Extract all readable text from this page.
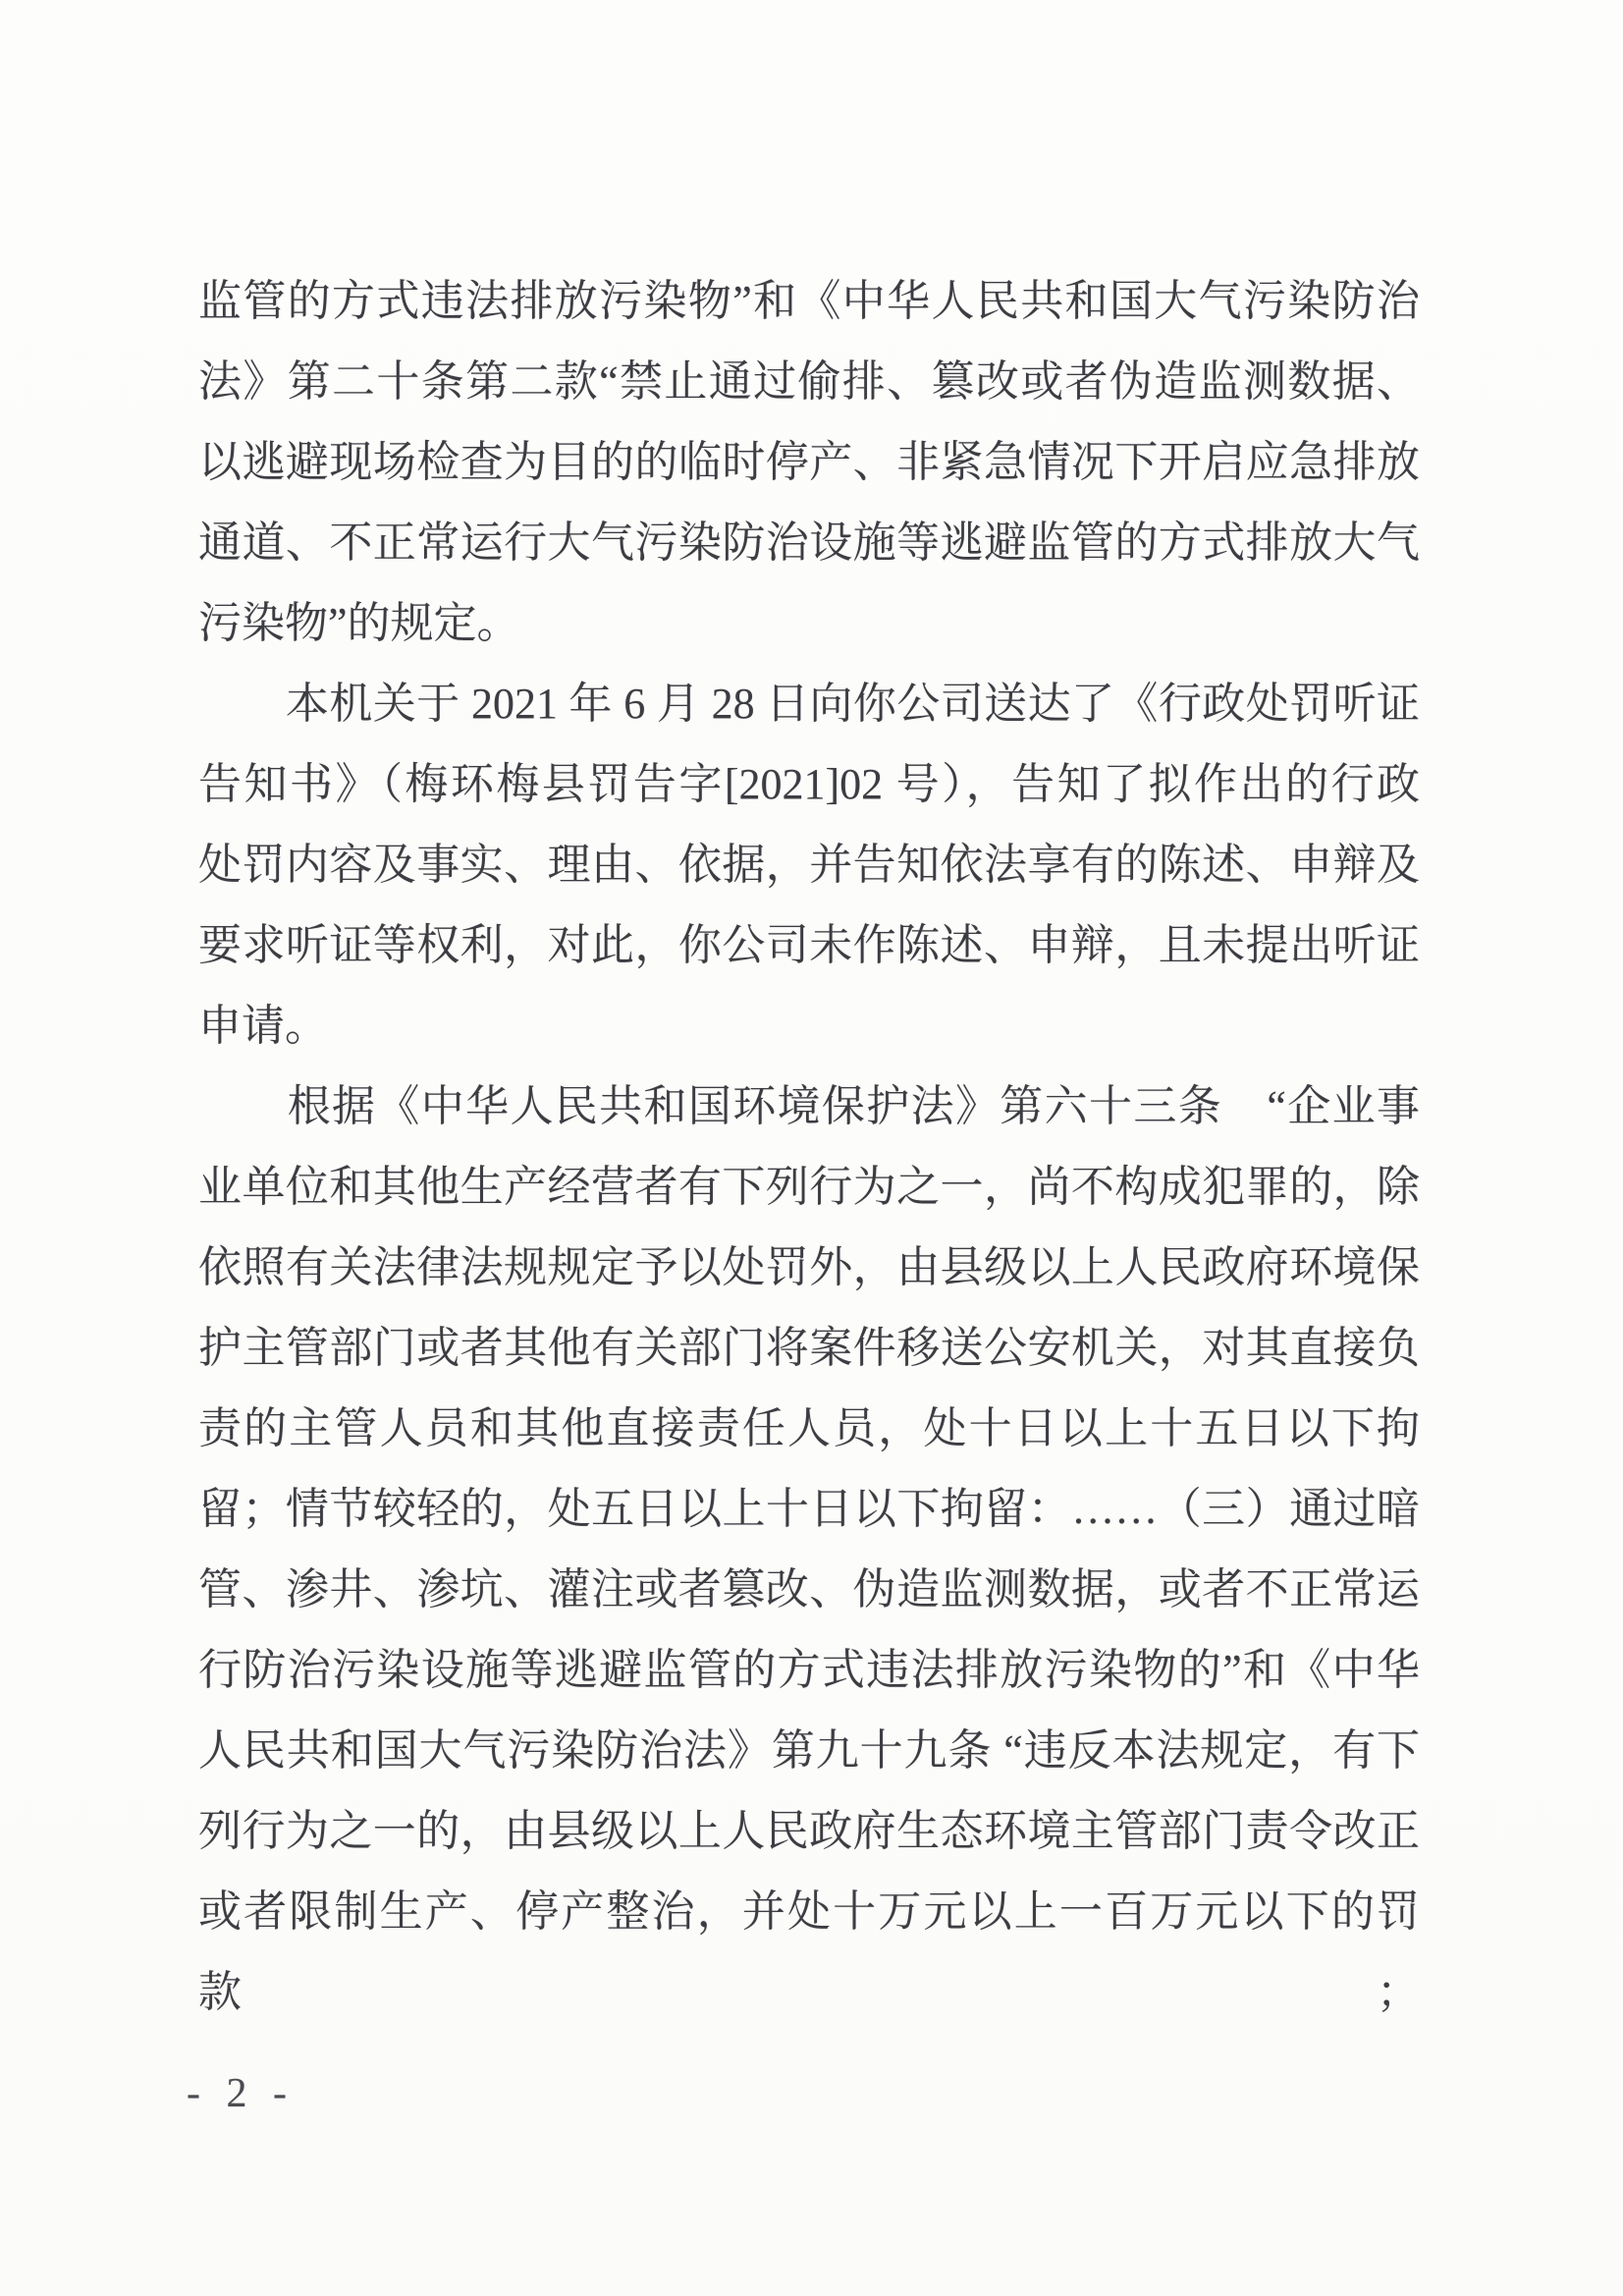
监管的方式违法排放污染物”和《中华人民共和国大气污染防治

法》第二十条第二款“禁止通过偷排、篡改或者伪造监测数据、

以逃避现场检查为目的的临时停产、非紧急情况下开启应急排放

通道、不正常运行大气污染防治设施等逃避监管的方式排放大气

污染物”的规定。

　　本机关于 2021 年 6 月 28 日向你公司送达了《行政处罚听证

告知书》（梅环梅县罚告字[2021]02 号），告知了拟作出的行政

处罚内容及事实、理由、依据，并告知依法享有的陈述、申辩及

要求听证等权利，对此，你公司未作陈述、申辩，且未提出听证

申请。

　　根据《中华人民共和国环境保护法》第六十三条　“企业事

业单位和其他生产经营者有下列行为之一，尚不构成犯罪的，除

依照有关法律法规规定予以处罚外，由县级以上人民政府环境保

护主管部门或者其他有关部门将案件移送公安机关，对其直接负

责的主管人员和其他直接责任人员，处十日以上十五日以下拘

留；情节较轻的，处五日以上十日以下拘留：……（三）通过暗

管、渗井、渗坑、灌注或者篡改、伪造监测数据，或者不正常运

行防治污染设施等逃避监管的方式违法排放污染物的”和《中华

人民共和国大气污染防治法》第九十九条 “违反本法规定，有下

列行为之一的，由县级以上人民政府生态环境主管部门责令改正

或者限制生产、停产整治，并处十万元以上一百万元以下的罚款；

- 2 -
